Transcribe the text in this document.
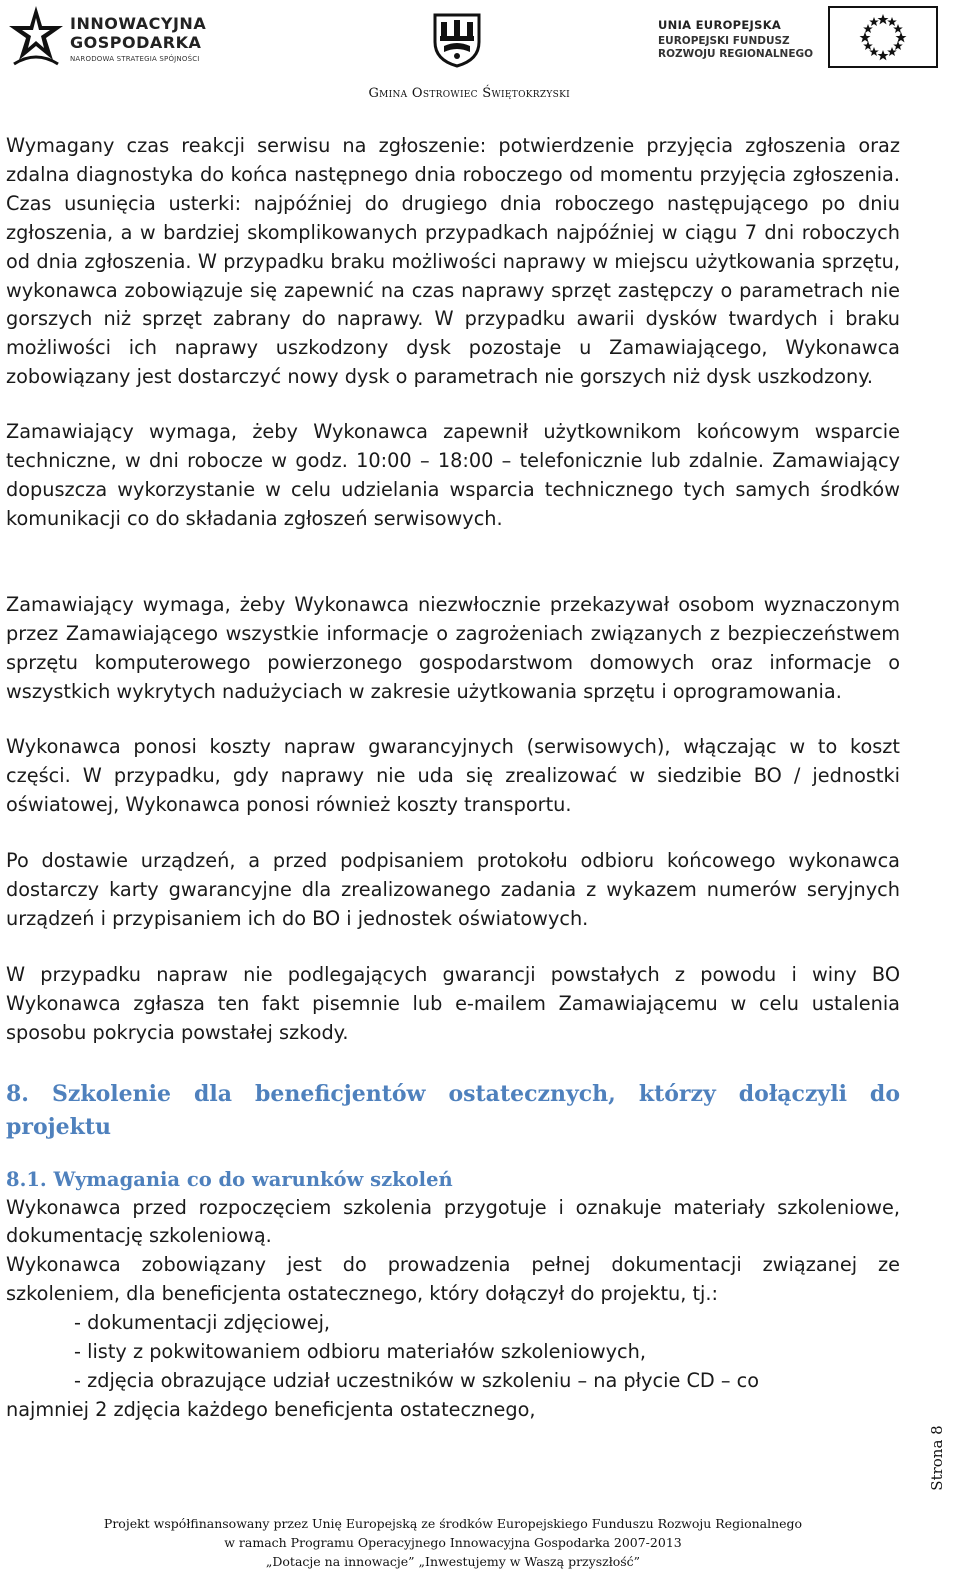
INNOWACYJNA
GOSPODARKA
NARODOWA STRATEGIA SPÓJNOŚCI
UNIA EUROPEJSKA
EUROPEJSKI FUNDUSZ
ROZWOJU REGIONALNEGO
Gmina Ostrowiec Świętokrzyski

Wymagany czas reakcji serwisu na zgłoszenie: potwierdzenie przyjęcia zgłoszenia oraz zdalna diagnostyka do końca następnego dnia roboczego od momentu przyjęcia zgłoszenia. Czas usunięcia usterki: najpóźniej do drugiego dnia roboczego następującego po dniu zgłoszenia, a w bardziej skomplikowanych przypadkach najpóźniej w ciągu 7 dni roboczych od dnia zgłoszenia. W przypadku braku możliwości naprawy w miejscu użytkowania sprzętu, wykonawca zobowiązuje się zapewnić na czas naprawy sprzęt zastępczy o parametrach nie gorszych niż sprzęt zabrany do naprawy. W przypadku awarii dysków twardych i braku możliwości ich naprawy uszkodzony dysk pozostaje u Zamawiającego, Wykonawca zobowiązany jest dostarczyć nowy dysk o parametrach nie gorszych niż dysk uszkodzony.

Zamawiający wymaga, żeby Wykonawca zapewnił użytkownikom końcowym wsparcie techniczne, w dni robocze w godz. 10:00 – 18:00 – telefonicznie lub zdalnie. Zamawiający dopuszcza wykorzystanie w celu udzielania wsparcia technicznego tych samych środków komunikacji co do składania zgłoszeń serwisowych.

Zamawiający wymaga, żeby Wykonawca niezwłocznie przekazywał osobom wyznaczonym przez Zamawiającego wszystkie informacje o zagrożeniach związanych z bezpieczeństwem sprzętu komputerowego powierzonego gospodarstwom domowych oraz informacje o wszystkich wykrytych nadużyciach w zakresie użytkowania sprzętu i oprogramowania.

Wykonawca ponosi koszty napraw gwarancyjnych (serwisowych), włączając w to koszt części. W przypadku, gdy naprawy nie uda się zrealizować w siedzibie BO / jednostki oświatowej, Wykonawca ponosi również koszty transportu.

Po dostawie urządzeń, a przed podpisaniem protokołu odbioru końcowego wykonawca dostarczy karty gwarancyjne dla zrealizowanego zadania z wykazem numerów seryjnych urządzeń i przypisaniem ich do BO i jednostek oświatowych.

W przypadku napraw nie podlegających gwarancji powstałych z powodu i winy BO Wykonawca zgłasza ten fakt pisemnie lub e-mailem Zamawiającemu w celu ustalenia sposobu pokrycia powstałej szkody.

8. Szkolenie dla beneficjentów ostatecznych, którzy dołączyli do projektu
8.1. Wymagania co do warunków szkoleń

Wykonawca przed rozpoczęciem szkolenia przygotuje i oznakuje materiały szkoleniowe, dokumentację szkoleniową.

Wykonawca zobowiązany jest do prowadzenia pełnej dokumentacji związanej ze szkoleniem, dla beneficjenta ostatecznego, który dołączył do projektu, tj.:

- dokumentacji zdjęciowej,

- listy z pokwitowaniem odbioru materiałów szkoleniowych,

- zdjęcia obrazujące udział uczestników w szkoleniu – na płycie CD – co

najmniej 2 zdjęcia każdego beneficjenta ostatecznego,

Strona 8
Projekt współfinansowany przez Unię Europejską ze środków Europejskiego Funduszu Rozwoju Regionalnego
w ramach Programu Operacyjnego Innowacyjna Gospodarka 2007-2013
„Dotacje na innowacje” „Inwestujemy w Waszą przyszłość”
